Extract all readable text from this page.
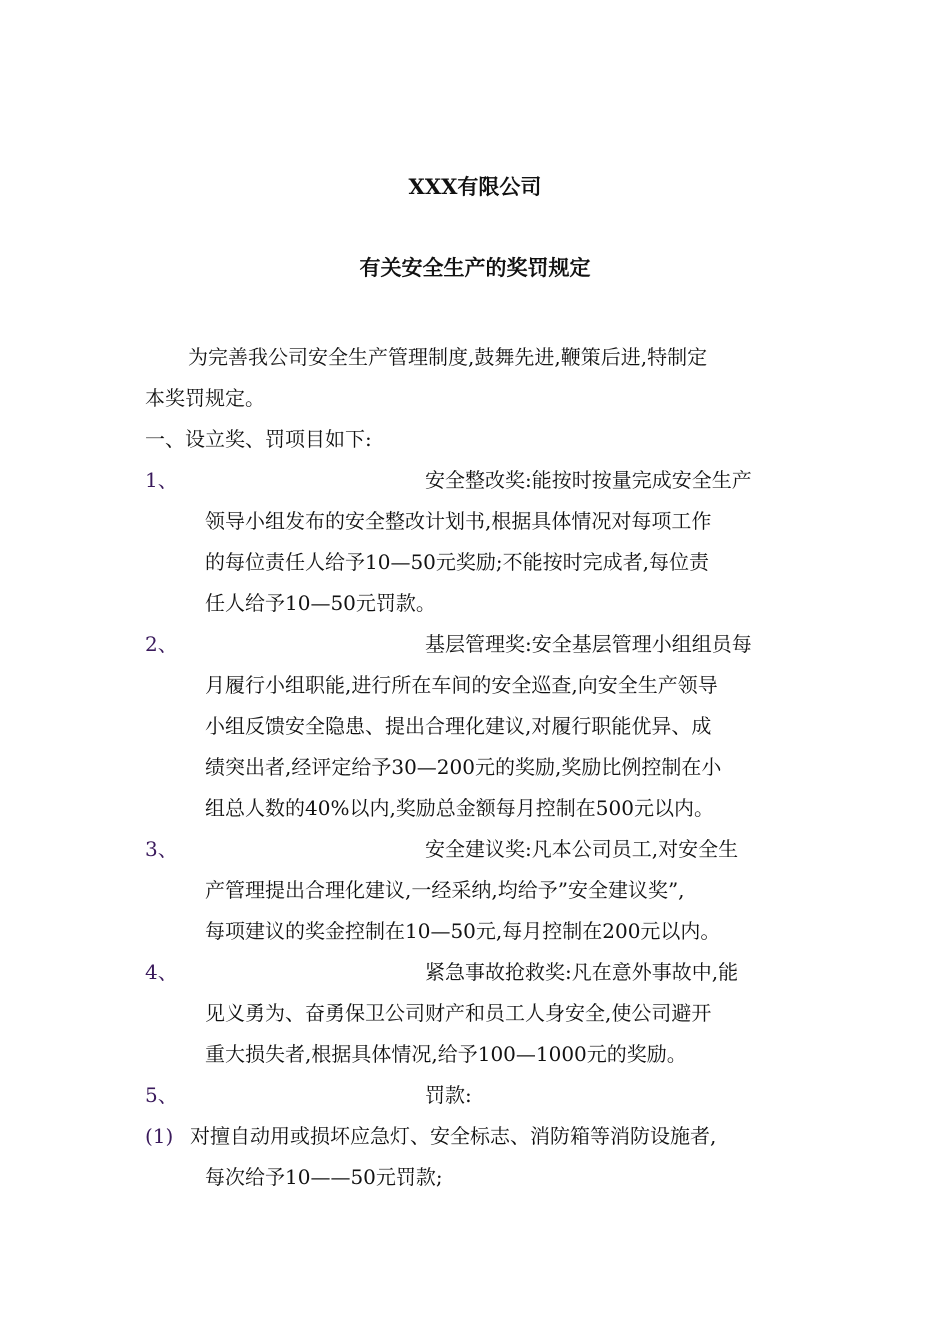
XXX有限公司
有关安全生产的奖罚规定
为完善我公司安全生产管理制度,鼓舞先进,鞭策后进,特制定
本奖罚规定。
一、设立奖、罚项目如下:
1、	安全整改奖:能按时按量完成安全生产
领导小组发布的安全整改计划书,根据具体情况对每项工作
的每位责任人给予10—50元奖励;不能按时完成者,每位责
任人给予10—50元罚款。
2、	基层管理奖:安全基层管理小组组员每
月履行小组职能,进行所在车间的安全巡查,向安全生产领导
小组反馈安全隐患、提出合理化建议,对履行职能优异、成
绩突出者,经评定给予30—200元的奖励,奖励比例控制在小
组总人数的40%以内,奖励总金额每月控制在500元以内。
3、	安全建议奖:凡本公司员工,对安全生
产管理提出合理化建议,一经采纳,均给予”安全建议奖”,
每项建议的奖金控制在10—50元,每月控制在200元以内。
4、	紧急事故抢救奖:凡在意外事故中,能
见义勇为、奋勇保卫公司财产和员工人身安全,使公司避开
重大损失者,根据具体情况,给予100—1000元的奖励。
5、	罚款:
(1) 对擅自动用或损坏应急灯、安全标志、消防箱等消防设施者,
每次给予10——50元罚款;
